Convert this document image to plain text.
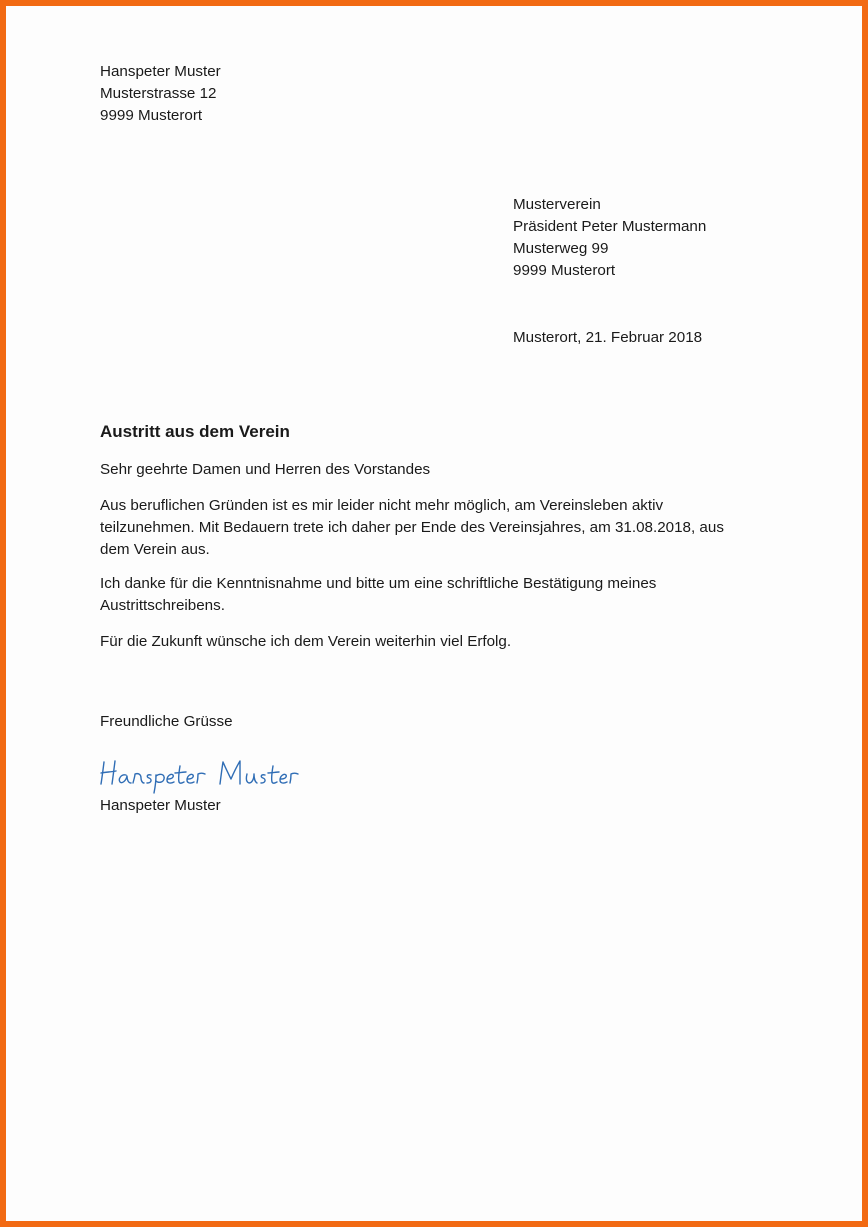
Hanspeter Muster
Musterstrasse 12
9999 Musterort
Musterverein
Präsident Peter Mustermann
Musterweg 99
9999 Musterort
Musterort, 21. Februar 2018
Austritt aus dem Verein

Sehr geehrte Damen und Herren des Vorstandes

Aus beruflichen Gründen ist es mir leider nicht mehr möglich, am Vereinsleben aktiv

teilzunehmen. Mit Bedauern trete ich daher per Ende des Vereinsjahres, am 31.08.2018, aus

dem Verein aus.

Ich danke für die Kenntnisnahme und bitte um eine schriftliche Bestätigung meines

Austrittschreibens.

Für die Zukunft wünsche ich dem Verein weiterhin viel Erfolg.

Freundliche Grüsse

Hanspeter Muster
